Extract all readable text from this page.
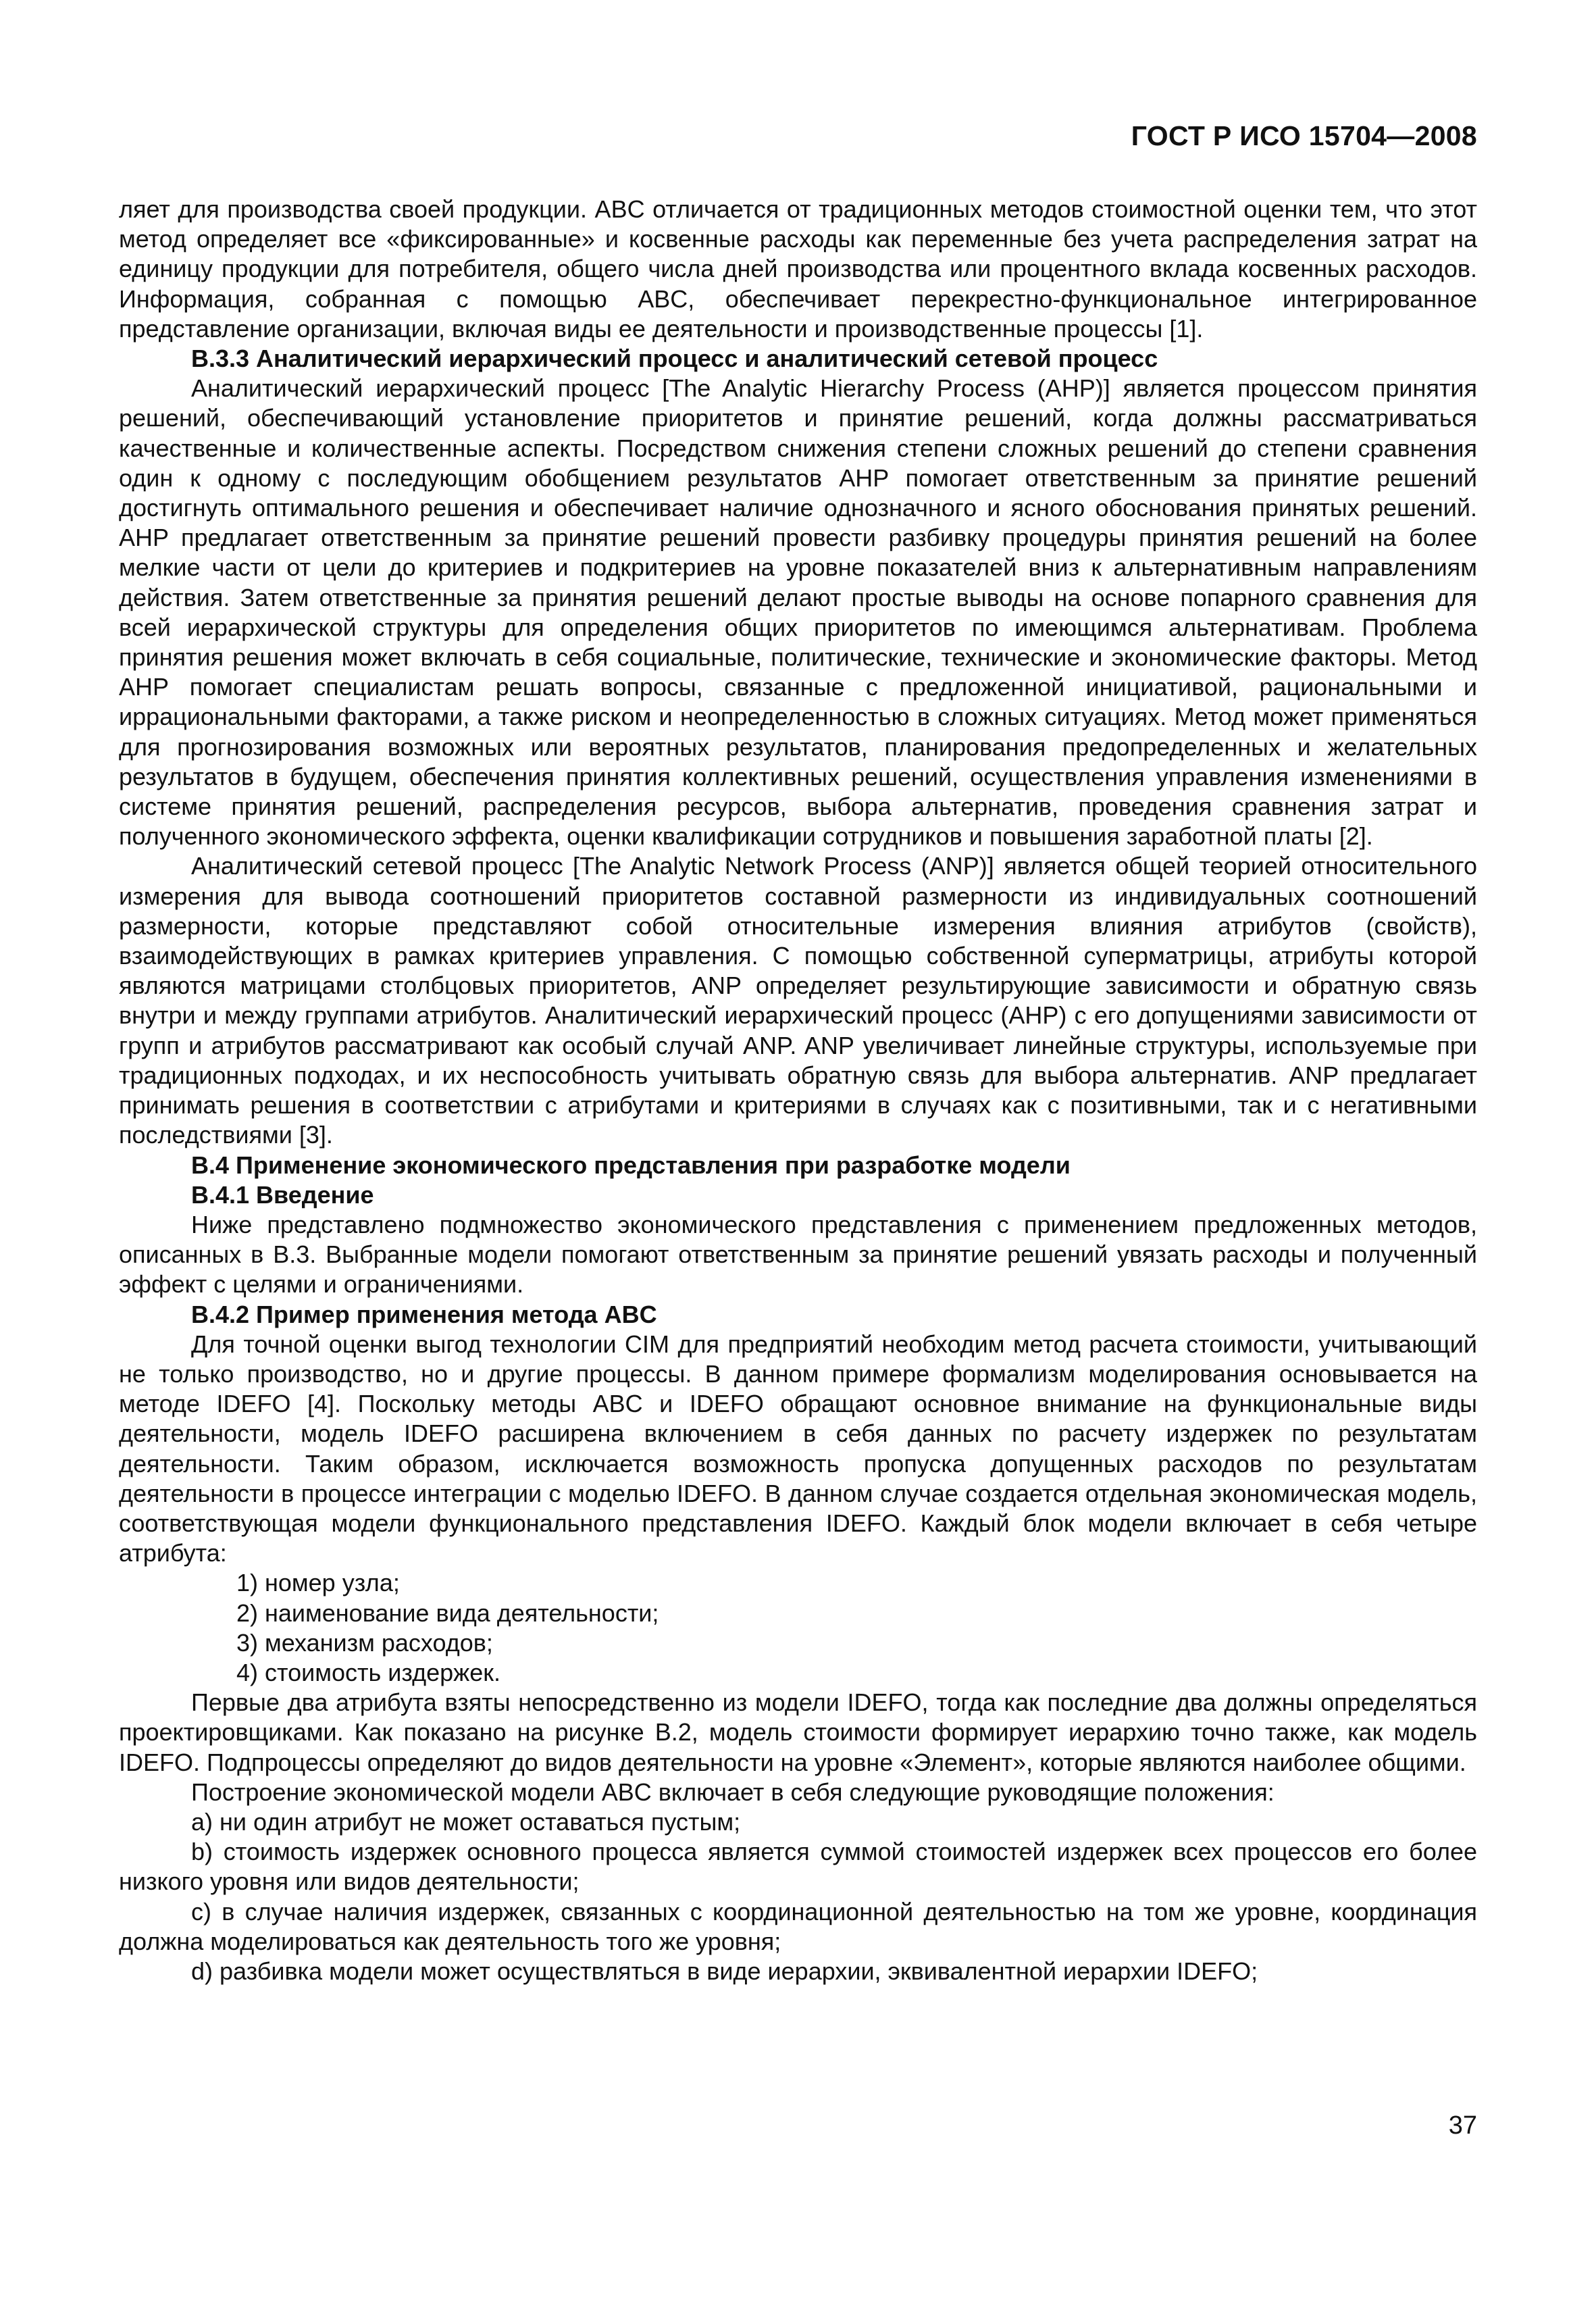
ГОСТ Р ИСО 15704—2008

ляет для производства своей продукции. ABC отличается от традиционных методов стоимостной оценки тем, что этот метод определяет все «фиксированные» и косвенные расходы как переменные без учета распределения затрат на единицу продукции для потребителя, общего числа дней производства или процентного вклада косвенных расходов. Информация, собранная с помощью ABC, обеспечивает перекрестно-функциональное интегрированное представление организации, включая виды ее деятельности и производственные процессы [1].

В.3.3 Аналитический иерархический процесс и аналитический сетевой процесс

Аналитический иерархический процесс [The Analytic Hierarchy Process (AHP)] является процессом принятия решений, обеспечивающий установление приоритетов и принятие решений, когда должны рассматриваться качественные и количественные аспекты. Посредством снижения степени сложных решений до степени сравнения один к одному с последующим обобщением результатов AHP помогает ответственным за принятие решений достигнуть оптимального решения и обеспечивает наличие однозначного и ясного обоснования принятых решений. AHP предлагает ответственным за принятие решений провести разбивку процедуры принятия решений на более мелкие части от цели до критериев и подкритериев на уровне показателей вниз к альтернативным направлениям действия. Затем ответственные за принятия решений делают простые выводы на основе попарного сравнения для всей иерархической структуры для определения общих приоритетов по имеющимся альтернативам. Проблема принятия решения может включать в себя социальные, политические, технические и экономические факторы. Метод AHP помогает специалистам решать вопросы, связанные с предложенной инициативой, рациональными и иррациональными факторами, а также риском и неопределенностью в сложных ситуациях. Метод может применяться для прогнозирования возможных или вероятных результатов, планирования предопределенных и желательных результатов в будущем, обеспечения принятия коллективных решений, осуществления управления изменениями в системе принятия решений, распределения ресурсов, выбора альтернатив, проведения сравнения затрат и полученного экономического эффекта, оценки квалификации сотрудников и повышения заработной платы [2].

Аналитический сетевой процесс [The Analytic Network Process (ANP)] является общей теорией относительного измерения для вывода соотношений приоритетов составной размерности из индивидуальных соотношений размерности, которые представляют собой относительные измерения влияния атрибутов (свойств), взаимодействующих в рамках критериев управления. С помощью собственной суперматрицы, атрибуты которой являются матрицами столбцовых приоритетов, ANP определяет результирующие зависимости и обратную связь внутри и между группами атрибутов. Аналитический иерархический процесс (AHP) с его допущениями зависимости от групп и атрибутов рассматривают как особый случай ANP. ANP увеличивает линейные структуры, используемые при традиционных подходах, и их неспособность учитывать обратную связь для выбора альтернатив. ANP предлагает принимать решения в соответствии с атрибутами и критериями в случаях как с позитивными, так и с негативными последствиями [3].

В.4 Применение экономического представления при разработке модели

В.4.1 Введение

Ниже представлено подмножество экономического представления с применением предложенных методов, описанных в В.3. Выбранные модели помогают ответственным за принятие решений увязать расходы и полученный эффект с целями и ограничениями.

В.4.2 Пример применения метода ABC

Для точной оценки выгод технологии CIM для предприятий необходим метод расчета стоимости, учитывающий не только производство, но и другие процессы. В данном примере формализм моделирования основывается на методе IDEFO [4]. Поскольку методы ABC и IDEFO обращают основное внимание на функциональные виды деятельности, модель IDEFO расширена включением в себя данных по расчету издержек по результатам деятельности. Таким образом, исключается возможность пропуска допущенных расходов по результатам деятельности в процессе интеграции с моделью IDEFO. В данном случае создается отдельная экономическая модель, соответствующая модели функционального представления IDEFO. Каждый блок модели включает в себя четыре атрибута:

1) номер узла;

2) наименование вида деятельности;

3) механизм расходов;

4) стоимость издержек.

Первые два атрибута взяты непосредственно из модели IDEFO, тогда как последние два должны определяться проектировщиками. Как показано на рисунке В.2, модель стоимости формирует иерархию точно также, как модель IDEFO. Подпроцессы определяют до видов деятельности на уровне «Элемент», которые являются наиболее общими.

Построение экономической модели ABC включает в себя следующие руководящие положения:

а) ни один атрибут не может оставаться пустым;

b) стоимость издержек основного процесса является суммой стоимостей издержек всех процессов его более низкого уровня или видов деятельности;

с) в случае наличия издержек, связанных с координационной деятельностью на том же уровне, координация должна моделироваться как деятельность того же уровня;

d) разбивка модели может осуществляться в виде иерархии, эквивалентной иерархии IDEFO;

37
